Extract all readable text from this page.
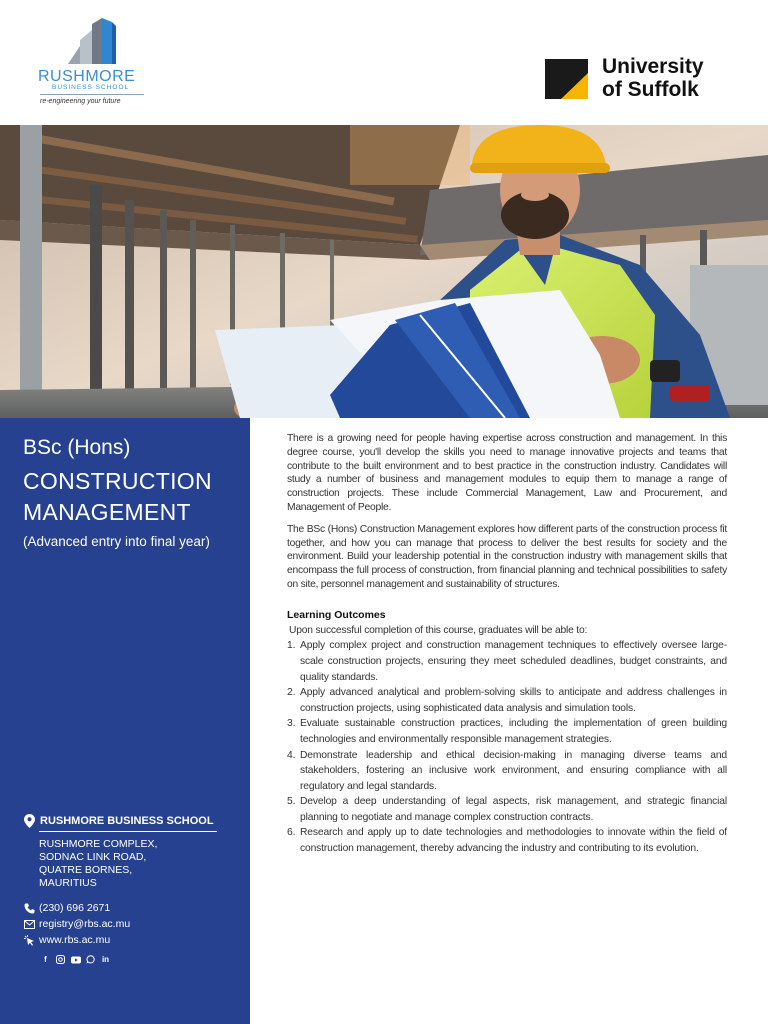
RUSHMORE
BUSINESS SCHOOL
re-engineering your future
University
of Suffolk
BSc (Hons)
CONSTRUCTION
MANAGEMENT
(Advanced entry into final year)
RUSHMORE BUSINESS SCHOOL
RUSHMORE COMPLEX,
SODNAC LINK ROAD,
QUATRE BORNES,
MAURITIUS
(230) 696 2671
registry@rbs.ac.mu
www.rbs.ac.mu
f	in

There is a growing need for people having expertise across construction and management. In this degree course, you'll develop the skills you need to manage innovative projects and teams that contribute to the built environment and to best practice in the construction industry. Candidates will study a number of business and management modules to equip them to manage a range of construction projects. These include Commercial Management, Law and Procurement, and Management of People.

The BSc (Hons) Construction Management explores how different parts of the construction process fit together, and how you can manage that process to deliver the best results for society and the environment. Build your leadership potential in the construction industry with management skills that encompass the full process of construction, from financial planning and technical possibilities to safety on site, personnel management and sustainability of structures.

Learning Outcomes
Upon successful completion of this course, graduates will be able to:
1. Apply complex project and construction management techniques to effectively oversee large-scale construction projects, ensuring they meet scheduled deadlines, budget constraints, and quality standards.
2. Apply advanced analytical and problem-solving skills to anticipate and address challenges in construction projects, using sophisticated data analysis and simulation tools.
3. Evaluate sustainable construction practices, including the implementation of green building technologies and environmentally responsible management strategies.
4. Demonstrate leadership and ethical decision-making in managing diverse teams and stakeholders, fostering an inclusive work environment, and ensuring compliance with all regulatory and legal standards.
5. Develop a deep understanding of legal aspects, risk management, and strategic financial planning to negotiate and manage complex construction contracts.
6. Research and apply up to date technologies and methodologies to innovate within the field of construction management, thereby advancing the industry and contributing to its evolution.
